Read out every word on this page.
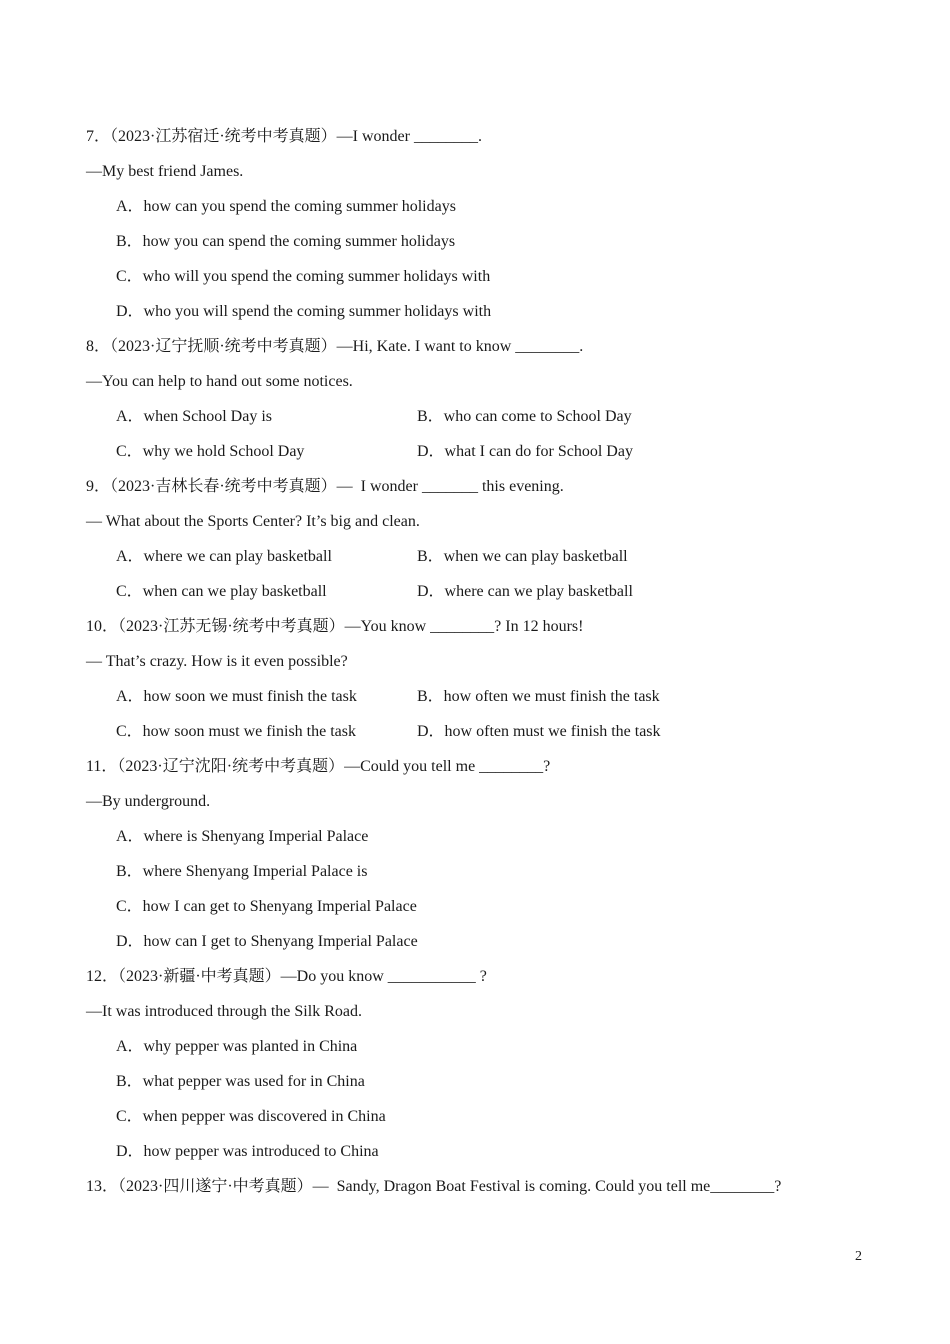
7．（2023·江苏宿迁·统考中考真题）—I wonder ________.

—My best friend James.

A．how can you spend the coming summer holidays
B．how you can spend the coming summer holidays
C．who will you spend the coming summer holidays with
D．who you will spend the coming summer holidays with

8．（2023·辽宁抚顺·统考中考真题）—Hi, Kate. I want to know ________.

—You can help to hand out some notices.

A．when School Day is	B．who can come to School Day
C．why we hold School Day	D．what I can do for School Day

9．（2023·吉林长春·统考中考真题）—  I wonder _______ this evening.

— What about the Sports Center? It’s big and clean.

A．where we can play basketball	B．when we can play basketball
C．when can we play basketball	D．where can we play basketball

10．（2023·江苏无锡·统考中考真题）—You know ________? In 12 hours!

— That’s crazy. How is it even possible?

A．how soon we must finish the task	B．how often we must finish the task
C．how soon must we finish the task	D．how often must we finish the task

11．（2023·辽宁沈阳·统考中考真题）—Could you tell me ________?

—By underground.

A．where is Shenyang Imperial Palace
B．where Shenyang Imperial Palace is
C．how I can get to Shenyang Imperial Palace
D．how can I get to Shenyang Imperial Palace

12．（2023·新疆·中考真题）—Do you know ___________ ?

—It was introduced through the Silk Road.

A．why pepper was planted in China
B．what pepper was used for in China
C．when pepper was discovered in China
D．how pepper was introduced to China

13．（2023·四川遂宁·中考真题）—  Sandy, Dragon Boat Festival is coming. Could you tell me________?

2
